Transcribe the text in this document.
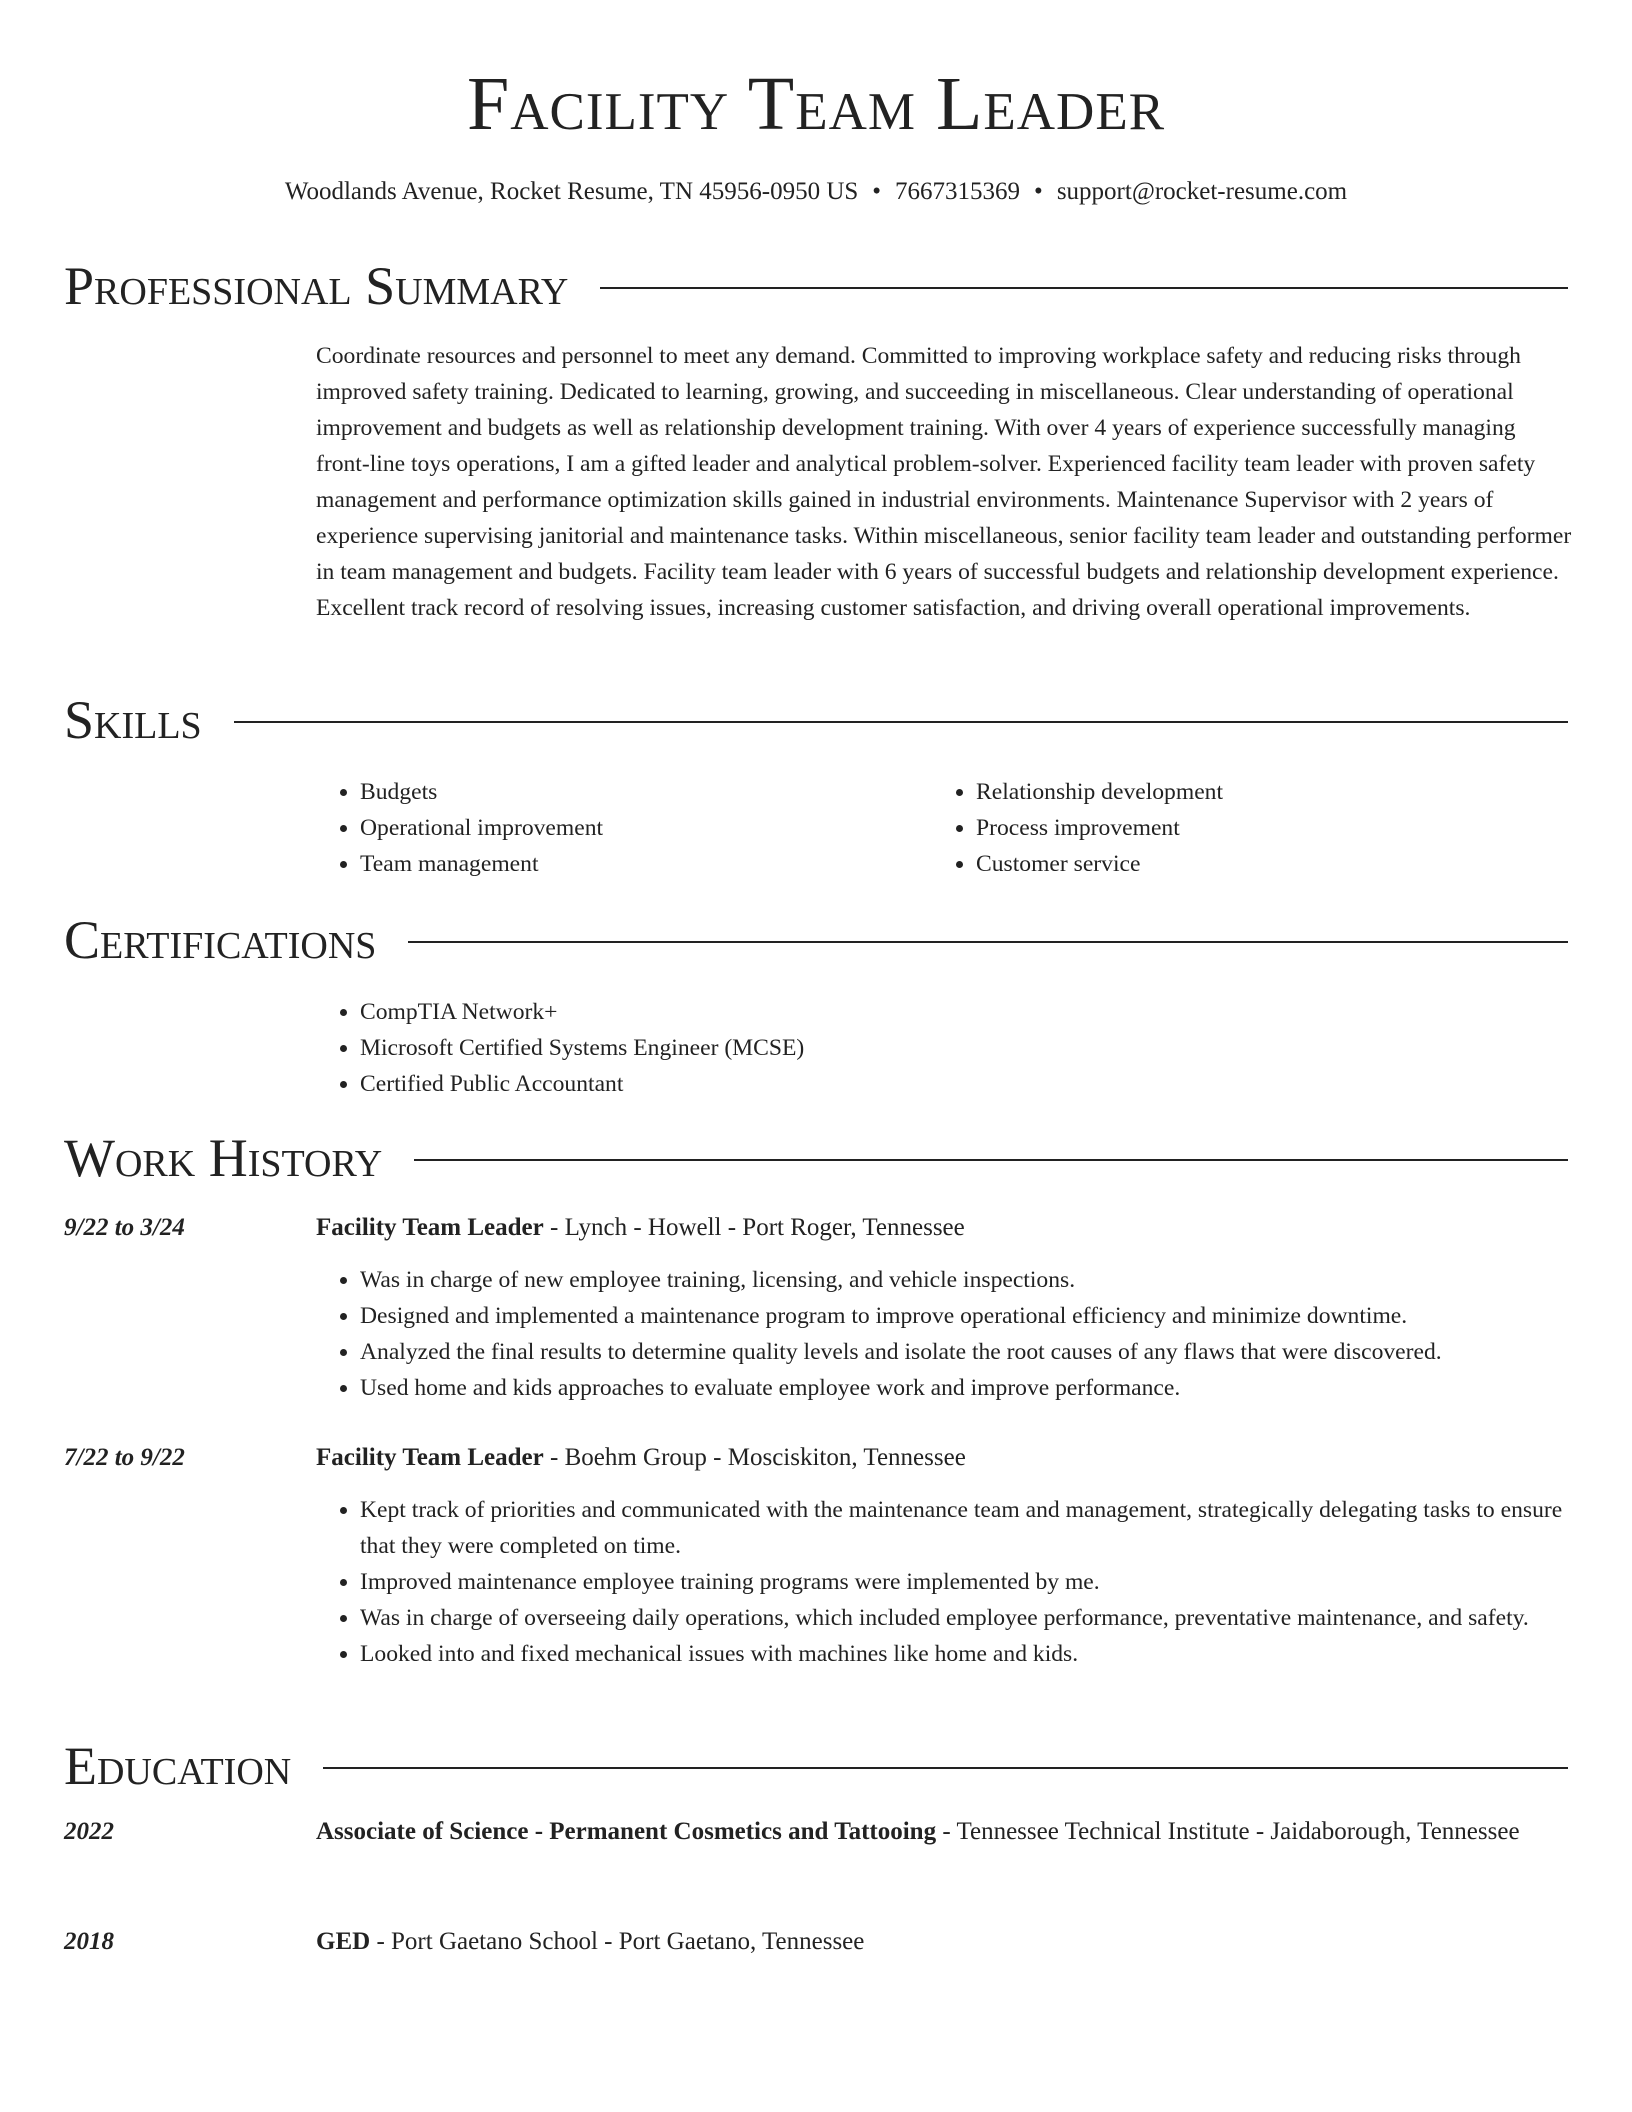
Facility Team Leader
Woodlands Avenue, Rocket Resume, TN 45956-0950 US • 7667315369 • support@rocket-resume.com
Professional Summary

Coordinate resources and personnel to meet any demand. Committed to improving workplace safety and reducing risks through improved safety training. Dedicated to learning, growing, and succeeding in miscellaneous. Clear understanding of operational improvement and budgets as well as relationship development training. With over 4 years of experience successfully managing front-line toys operations, I am a gifted leader and analytical problem-solver. Experienced facility team leader with proven safety management and performance optimization skills gained in industrial environments. Maintenance Supervisor with 2 years of experience supervising janitorial and maintenance tasks. Within miscellaneous, senior facility team leader and outstanding performer in team management and budgets. Facility team leader with 6 years of successful budgets and relationship development experience. Excellent track record of resolving issues, increasing customer satisfaction, and driving overall operational improvements.

Skills
• Budgets
• Operational improvement
• Team management
• Relationship development
• Process improvement
• Customer service
Certifications
• CompTIA Network+
• Microsoft Certified Systems Engineer (MCSE)
• Certified Public Accountant
Work History
9/22 to 3/24	Facility Team Leader - Lynch - Howell - Port Roger, Tennessee
• Was in charge of new employee training, licensing, and vehicle inspections.
• Designed and implemented a maintenance program to improve operational efficiency and minimize downtime.
• Analyzed the final results to determine quality levels and isolate the root causes of any flaws that were discovered.
• Used home and kids approaches to evaluate employee work and improve performance.
7/22 to 9/22	Facility Team Leader - Boehm Group - Mosciskiton, Tennessee
• Kept track of priorities and communicated with the maintenance team and management, strategically delegating tasks to ensure that they were completed on time.
• Improved maintenance employee training programs were implemented by me.
• Was in charge of overseeing daily operations, which included employee performance, preventative maintenance, and safety.
• Looked into and fixed mechanical issues with machines like home and kids.
Education
2022	Associate of Science - Permanent Cosmetics and Tattooing - Tennessee Technical Institute - Jaidaborough, Tennessee
2018	GED - Port Gaetano School - Port Gaetano, Tennessee
